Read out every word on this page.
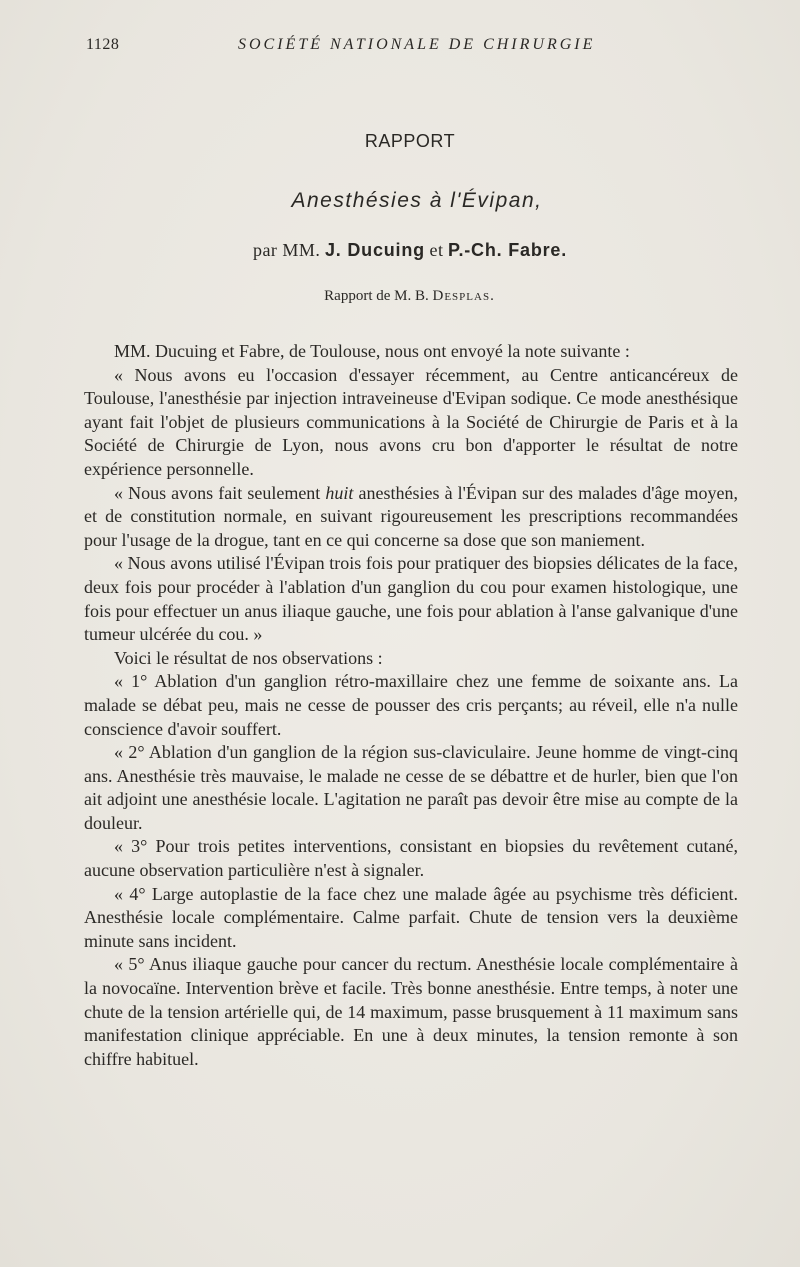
1128	SOCIÉTÉ NATIONALE DE CHIRURGIE
RAPPORT
Anesthésies à l'Évipan,
par MM. J. Ducuing et P.-Ch. Fabre.
Rapport de M. B. Desplas.

MM. Ducuing et Fabre, de Toulouse, nous ont envoyé la note suivante :

« Nous avons eu l'occasion d'essayer récemment, au Centre anticancéreux de Toulouse, l'anesthésie par injection intraveineuse d'Evipan sodique. Ce mode anesthésique ayant fait l'objet de plusieurs communications à la Société de Chirurgie de Paris et à la Société de Chirurgie de Lyon, nous avons cru bon d'apporter le résultat de notre expérience personnelle.

« Nous avons fait seulement huit anesthésies à l'Évipan sur des malades d'âge moyen, et de constitution normale, en suivant rigoureusement les prescriptions recommandées pour l'usage de la drogue, tant en ce qui concerne sa dose que son maniement.

« Nous avons utilisé l'Évipan trois fois pour pratiquer des biopsies délicates de la face, deux fois pour procéder à l'ablation d'un ganglion du cou pour examen histologique, une fois pour effectuer un anus iliaque gauche, une fois pour ablation à l'anse galvanique d'une tumeur ulcérée du cou. »

Voici le résultat de nos observations :

« 1° Ablation d'un ganglion rétro-maxillaire chez une femme de soixante ans. La malade se débat peu, mais ne cesse de pousser des cris perçants; au réveil, elle n'a nulle conscience d'avoir souffert.

« 2° Ablation d'un ganglion de la région sus-claviculaire. Jeune homme de vingt-cinq ans. Anesthésie très mauvaise, le malade ne cesse de se débattre et de hurler, bien que l'on ait adjoint une anesthésie locale. L'agitation ne paraît pas devoir être mise au compte de la douleur.

« 3° Pour trois petites interventions, consistant en biopsies du revêtement cutané, aucune observation particulière n'est à signaler.

« 4° Large autoplastie de la face chez une malade âgée au psychisme très déficient. Anesthésie locale complémentaire. Calme parfait. Chute de tension vers la deuxième minute sans incident.

« 5° Anus iliaque gauche pour cancer du rectum. Anesthésie locale complémentaire à la novocaïne. Intervention brève et facile. Très bonne anesthésie. Entre temps, à noter une chute de la tension artérielle qui, de 14 maximum, passe brusquement à 11 maximum sans manifestation clinique appréciable. En une à deux minutes, la tension remonte à son chiffre habituel.
